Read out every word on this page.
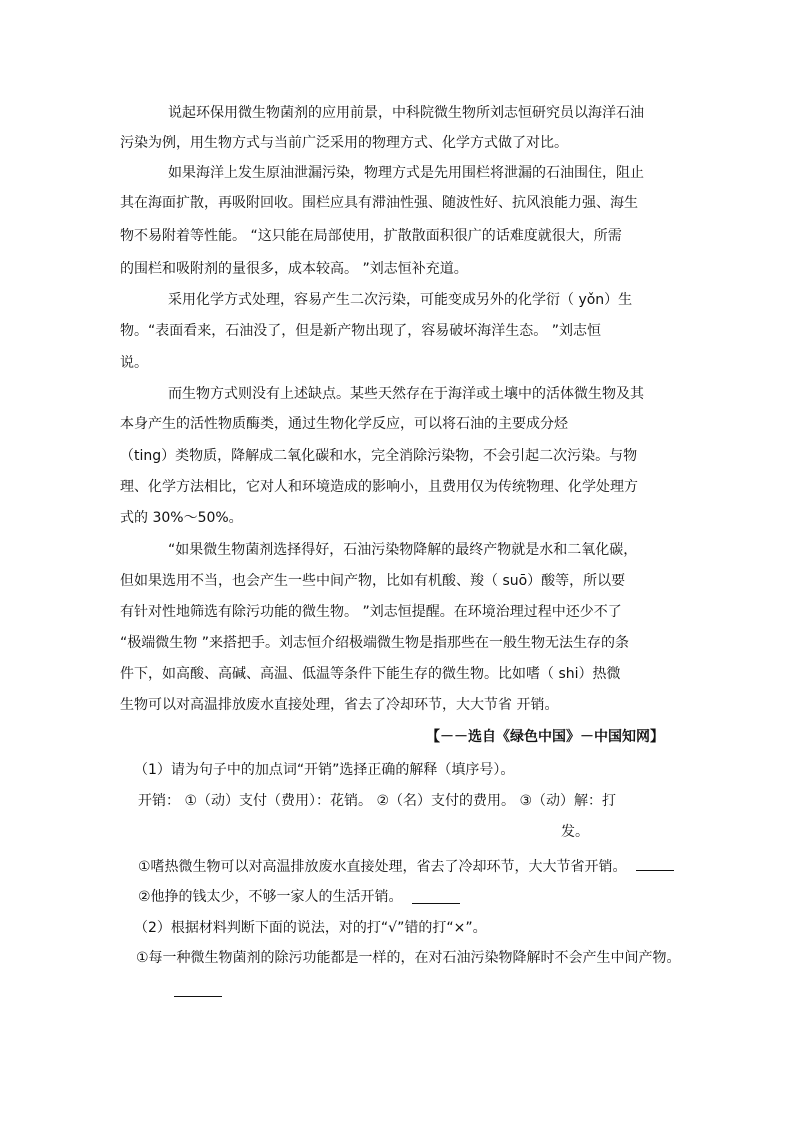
说起环保用微生物菌剂的应用前景，中科院微生物所刘志恒研究员以海洋石油
污染为例，用生物方式与当前广泛采用的物理方式、化学方式做了对比。
如果海洋上发生原油泄漏污染，物理方式是先用围栏将泄漏的石油围住，阻止
其在海面扩散，再吸附回收。围栏应具有滞油性强、随波性好、抗风浪能力强、海生
物不易附着等性能。 “这只能在局部使用，扩散散面积很广的话难度就很大，所需
的围栏和吸附剂的量很多，成本较高。 ”刘志恒补充道。
采用化学方式处理，容易产生二次污染，可能变成另外的化学衍（ yǒn）生
物。“表面看来，石油没了，但是新产物出现了，容易破坏海洋生态。 ”刘志恒
说。
而生物方式则没有上述缺点。某些天然存在于海洋或土壤中的活体微生物及其
本身产生的活性物质酶类，通过生物化学反应，可以将石油的主要成分烃
（ting）类物质，降解成二氧化碳和水，完全消除污染物，不会引起二次污染。与物
理、化学方法相比，它对人和环境造成的影响小，且费用仅为传统物理、化学处理方
式的 30%～50%。
“如果微生物菌剂选择得好，石油污染物降解的最终产物就是水和二氧化碳，
但如果选用不当，也会产生一些中间产物，比如有机酸、羧（ suō）酸等，所以要
有针对性地筛选有除污功能的微生物。 ”刘志恒提醒。在环境治理过程中还少不了
“极端微生物 ”来搭把手。刘志恒介绍极端微生物是指那些在一般生物无法生存的条
件下，如高酸、高碱、高温、低温等条件下能生存的微生物。比如嗜（ shi）热微
生物可以对高温排放废水直接处理，省去了冷却环节，大大节省 开销。
【－－选自《绿色中国》－中国知网】
（1）请为句子中的加点词“开销”选择正确的解释（填序号）。
开销： ①（动）支付（费用）：花销。 ②（名）支付的费用。 ③（动）解：打
发。
①嗜热微生物可以对高温排放废水直接处理，省去了冷却环节，大大节省开销。
②他挣的钱太少，不够一家人的生活开销。
（2）根据材料判断下面的说法，对的打“√”错的打“×”。
①每一种微生物菌剂的除污功能都是一样的，在对石油污染物降解时不会产生中间产物。
